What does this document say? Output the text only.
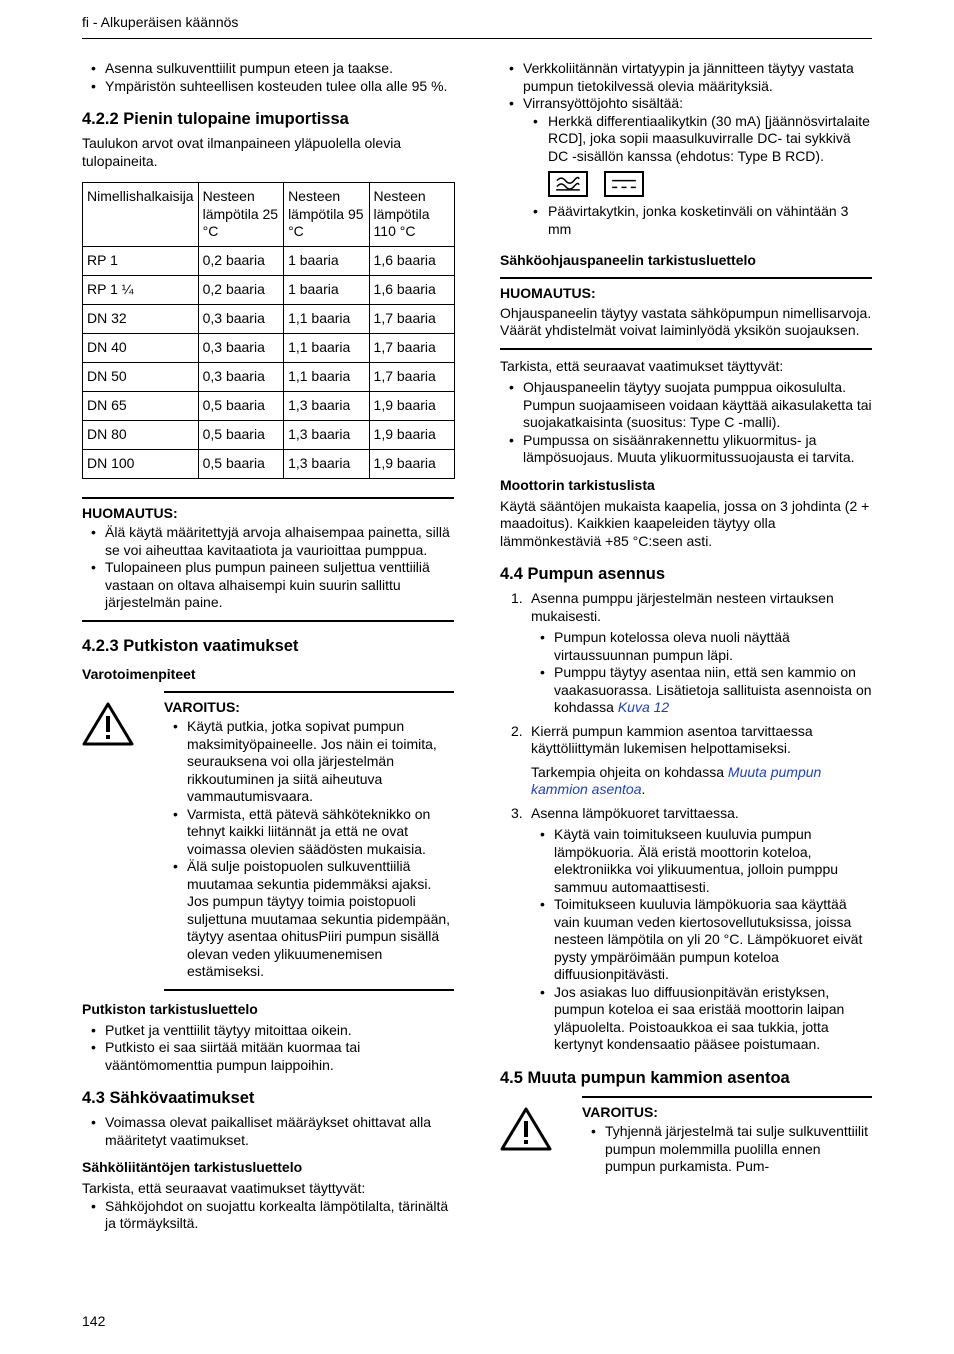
fi - Alkuperäisen käännös
• Asenna sulkuventtiilit pumpun eteen ja taakse.
• Ympäristön suhteellisen kosteuden tulee olla alle 95 %.
4.2.2 Pienin tulopaine imuportissa

Taulukon arvot ovat ilmanpaineen yläpuolella olevia tulopaineita.

Nimellishalkaisija	Nesteen lämpötila 25 °C	Nesteen lämpötila 95 °C	Nesteen lämpötila 110 °C
RP 1	0,2 baaria	1 baaria	1,6 baaria
RP 1 ¼	0,2 baaria	1 baaria	1,6 baaria
DN 32	0,3 baaria	1,1 baaria	1,7 baaria
DN 40	0,3 baaria	1,1 baaria	1,7 baaria
DN 50	0,3 baaria	1,1 baaria	1,7 baaria
DN 65	0,5 baaria	1,3 baaria	1,9 baaria
DN 80	0,5 baaria	1,3 baaria	1,9 baaria
DN 100	0,5 baaria	1,3 baaria	1,9 baaria
HUOMAUTUS:
• Älä käytä määritettyjä arvoja alhaisempaa painetta, sillä se voi aiheuttaa kavitaatiota ja vaurioittaa pumppua.
• Tulopaineen plus pumpun paineen suljettua venttiiliä vastaan on oltava alhaisempi kuin suurin sallittu järjestelmän paine.
4.2.3 Putkiston vaatimukset
Varotoimenpiteet
VAROITUS:
• Käytä putkia, jotka sopivat pumpun maksimityöpaineelle. Jos näin ei toimita, seurauksena voi olla järjestelmän rikkoutuminen ja siitä aiheutuva vammautumisvaara.
• Varmista, että pätevä sähköteknikko on tehnyt kaikki liitännät ja että ne ovat voimassa olevien säädösten mukaisia.
• Älä sulje poistopuolen sulkuventtiiliä muutamaa sekuntia pidemmäksi ajaksi. Jos pumpun täytyy toimia poistopuoli suljettuna muutamaa sekuntia pidempään, täytyy asentaa ohitusPiiri pumpun sisällä olevan veden ylikuumenemisen estämiseksi.
Putkiston tarkistusluettelo
• Putket ja venttiilit täytyy mitoittaa oikein.
• Putkisto ei saa siirtää mitään kuormaa tai vääntömomenttia pumpun laippoihin.
4.3 Sähkövaatimukset
• Voimassa olevat paikalliset määräykset ohittavat alla määritetyt vaatimukset.
Sähköliitäntöjen tarkistusluettelo

Tarkista, että seuraavat vaatimukset täyttyvät:

• Sähköjohdot on suojattu korkealta lämpötilalta, tärinältä ja törmäyksiltä.
• Verkkoliitännän virtatyypin ja jännitteen täytyy vastata pumpun tietokilvessä olevia määrityksiä.
• Virransyöttöjohto sisältää:
• Herkkä differentiaalikytkin (30 mA) [jäännösvirtalaite RCD], joka sopii maasulkuvirralle DC- tai sykkivä DC -sisällön kanssa (ehdotus: Type B RCD).
• Päävirtakytkin, jonka kosketinväli on vähintään 3 mm
Sähköohjauspaneelin tarkistusluettelo
HUOMAUTUS:

Ohjauspaneelin täytyy vastata sähköpumpun nimellisarvoja. Väärät yhdistelmät voivat laiminlyödä yksikön suojauksen.

Tarkista, että seuraavat vaatimukset täyttyvät:

• Ohjauspaneelin täytyy suojata pumppua oikosululta. Pumpun suojaamiseen voidaan käyttää aikasulaketta tai suojakatkaisinta (suositus: Type C -malli).
• Pumpussa on sisäänrakennettu ylikuormitus- ja lämpösuojaus. Muuta ylikuormitussuojausta ei tarvita.
Moottorin tarkistuslista

Käytä sääntöjen mukaista kaapelia, jossa on 3 johdinta (2 + maadoitus). Kaikkien kaapeleiden täytyy olla lämmönkestäviä +85 °C:seen asti.

4.4 Pumpun asennus
1. Asenna pumppu järjestelmän nesteen virtauksen mukaisesti.
• Pumpun kotelossa oleva nuoli näyttää virtaussuunnan pumpun läpi.
• Pumppu täytyy asentaa niin, että sen kammio on vaakasuorassa. Lisätietoja sallituista asennoista on kohdassa Kuva 12
2. Kierrä pumpun kammion asentoa tarvittaessa käyttöliittymän lukemisen helpottamiseksi.

Tarkempia ohjeita on kohdassa Muuta pumpun kammion asentoa.

3. Asenna lämpökuoret tarvittaessa.
• Käytä vain toimitukseen kuuluvia pumpun lämpökuoria. Älä eristä moottorin koteloa, elektroniikka voi ylikuumentua, jolloin pumppu sammuu automaattisesti.
• Toimitukseen kuuluvia lämpökuoria saa käyttää vain kuuman veden kiertosovellutuksissa, joissa nesteen lämpötila on yli 20 °C. Lämpökuoret eivät pysty ympäröimään pumpun koteloa diffuusionpitävästi.
• Jos asiakas luo diffuusionpitävän eristyksen, pumpun koteloa ei saa eristää moottorin laipan yläpuolelta. Poistoaukkoa ei saa tukkia, jotta kertynyt kondensaatio pääsee poistumaan.
4.5 Muuta pumpun kammion asentoa
VAROITUS:
• Tyhjennä järjestelmä tai sulje sulkuventtiilit pumpun molemmilla puolilla ennen pumpun purkamista. Pum-
142
